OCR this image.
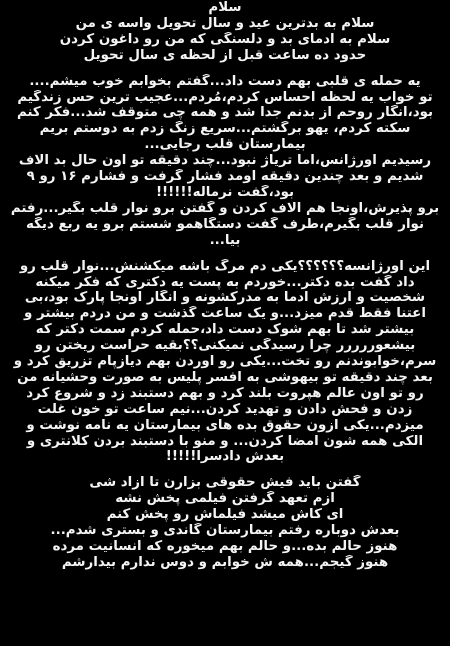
سلام
سلام به بدترین عید و سال تحویل واسه ی من
سلام به آدمای بد و دلسنگی که من رو داغون کردن
حدود ده ساعت قبل از لحظه ی سال تحویل
یه حمله ی قلبی بهم دست داد...گفتم بخوابم خوب میشم....
تو خواب یه لحظه احساس کردم،مُردم...عجیب ترین حس زندگیم
بود،انگار روحم از بدنم جدا شد و همه چی متوقف شد...فکر کنم
سکته کردم، یهو برگشتم...سریع زنگ زدم به دوستم بریم
بیمارستان قلب رجایی...
رسیدیم اورژانس،اما تریاژ نبود...چند دقیقه تو اون حال بد الاف
شدیم و بعد چندین دقیقه اومد فشار گرفت و فشارم ۱۶ رو ۹
بود،گفت نرماله!!!!!!
برو پذیرش،اونجا هم الاف کردن و گفتن برو نوار قلب بگیر...رفتم
نوار قلب بگیرم،طرف گفت دستگاهمو شستم برو یه ربع دیگه
بیا...
این اورژانسه؟؟؟؟؟؟یکی دم مرگ باشه میکشنش...نوار قلب رو
داد گفت بده دکتر...خوردم به پست یه دکتری که فکر میکنه
شخصیت و ارزش آدما به مدرکشونه و انگار اونجا پارک بود،بی
اعتنا فقط قدم میزد...و یک ساعت گذشت و من دردم بیشتر و
بیشتر شد تا بهم شوک دست داد،حمله کردم سمت دکتر که
بیشعوررررر چرا رسیدگی نمیکنی؟؟بقیه حراست ریختن رو
سرم،خوابوندنم رو تخت...یکی رو آوردن بهم دیازپام تزریق کرد و
بعد چند دقیقه تو بیهوشی به افسر پلیس به صورت وحشیانه من
رو تو اون عالم هپروت بلند کرد و بهم دستبند زد و شروع کرد
زدن و فحش دادن و تهدید کردن...نیم ساعت تو خون غلت
میزدم...یکی ازون حقوق بده های بیمارستان یه نامه نوشت و
الکی همه شون امضا کردن... و منو با دستبند بردن کلانتری و
بعدش دادسرا!!!!!
گفتن باید فیش حقوقی بزارن تا آزاد شی
ازم تعهد گرفتن فیلمی پخش نشه
ای کاش میشد فیلماش رو پخش کنم
بعدش دوباره رفتم بیمارستان گاندی و بستری شدم...
هنوز حالم بده...و حالم بهم میخوره که انسانیت مرده
هنوز گیجم...همه ش خوابم و دوس ندارم بیدارشم
